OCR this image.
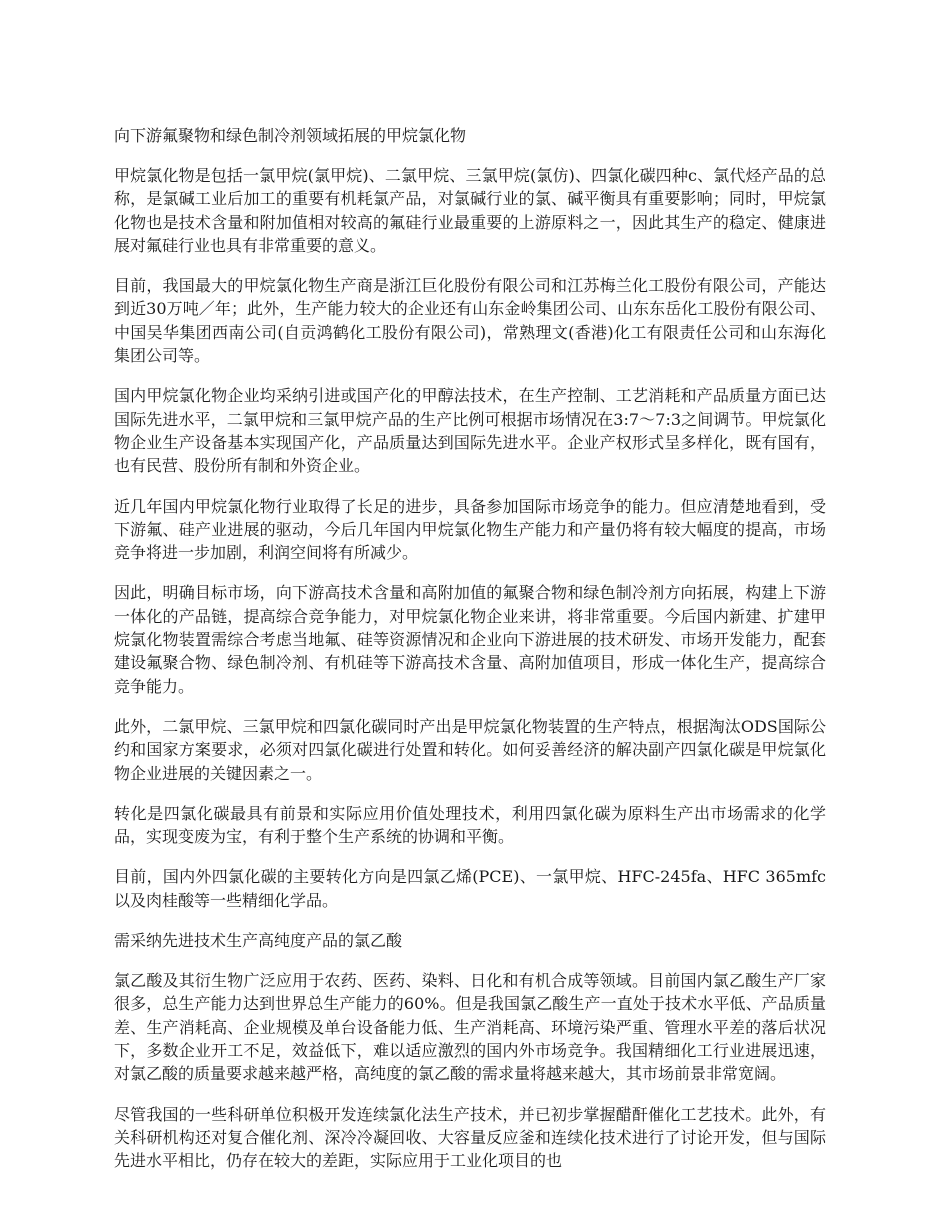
向下游氟聚物和绿色制冷剂领域拓展的甲烷氯化物
甲烷氯化物是包括一氯甲烷(氯甲烷)、二氯甲烷、三氯甲烷(氯仿)、四氯化碳四种c、氯代烃产品的总称，是氯碱工业后加工的重要有机耗氯产品，对氯碱行业的氯、碱平衡具有重要影响；同时，甲烷氯化物也是技术含量和附加值相对较高的氟硅行业最重要的上游原料之一，因此其生产的稳定、健康进展对氟硅行业也具有非常重要的意义。
目前，我国最大的甲烷氯化物生产商是浙江巨化股份有限公司和江苏梅兰化工股份有限公司，产能达到近30万吨／年；此外，生产能力较大的企业还有山东金岭集团公司、山东东岳化工股份有限公司、中国吴华集团西南公司(自贡鸿鹤化工股份有限公司)，常熟理文(香港)化工有限责任公司和山东海化集团公司等。
国内甲烷氯化物企业均采纳引进或国产化的甲醇法技术，在生产控制、工艺消耗和产品质量方面已达国际先进水平，二氯甲烷和三氯甲烷产品的生产比例可根据市场情况在3:7～7:3之间调节。甲烷氯化物企业生产设备基本实现国产化，产品质量达到国际先进水平。企业产权形式呈多样化，既有国有，也有民营、股份所有制和外资企业。
近几年国内甲烷氯化物行业取得了长足的进步，具备参加国际市场竞争的能力。但应清楚地看到，受下游氟、硅产业进展的驱动，今后几年国内甲烷氯化物生产能力和产量仍将有较大幅度的提高，市场竞争将进一步加剧，利润空间将有所减少。
因此，明确目标市场，向下游高技术含量和高附加值的氟聚合物和绿色制冷剂方向拓展，构建上下游一体化的产品链，提高综合竞争能力，对甲烷氯化物企业来讲，将非常重要。今后国内新建、扩建甲烷氯化物装置需综合考虑当地氟、硅等资源情况和企业向下游进展的技术研发、市场开发能力，配套建设氟聚合物、绿色制冷剂、有机硅等下游高技术含量、高附加值项目，形成一体化生产，提高综合竞争能力。
此外，二氯甲烷、三氯甲烷和四氯化碳同时产出是甲烷氯化物装置的生产特点，根据淘汰ODS国际公约和国家方案要求，必须对四氯化碳进行处置和转化。如何妥善经济的解决副产四氯化碳是甲烷氯化物企业进展的关键因素之一。
转化是四氯化碳最具有前景和实际应用价值处理技术，利用四氯化碳为原料生产出市场需求的化学品，实现变废为宝，有利于整个生产系统的协调和平衡。
目前，国内外四氯化碳的主要转化方向是四氯乙烯(PCE)、一氯甲烷、HFC-245fa、HFC 365mfc以及肉桂酸等一些精细化学品。
需采纳先进技术生产高纯度产品的氯乙酸
氯乙酸及其衍生物广泛应用于农药、医药、染料、日化和有机合成等领域。目前国内氯乙酸生产厂家很多，总生产能力达到世界总生产能力的60%。但是我国氯乙酸生产一直处于技术水平低、产品质量差、生产消耗高、企业规模及单台设备能力低、生产消耗高、环境污染严重、管理水平差的落后状况下，多数企业开工不足，效益低下，难以适应激烈的国内外市场竞争。我国精细化工行业进展迅速，对氯乙酸的质量要求越来越严格，高纯度的氯乙酸的需求量将越来越大，其市场前景非常宽阔。
尽管我国的一些科研单位积极开发连续氯化法生产技术，并已初步掌握醋酐催化工艺技术。此外，有关科研机构还对复合催化剂、深冷冷凝回收、大容量反应釜和连续化技术进行了讨论开发，但与国际先进水平相比，仍存在较大的差距，实际应用于工业化项目的也
